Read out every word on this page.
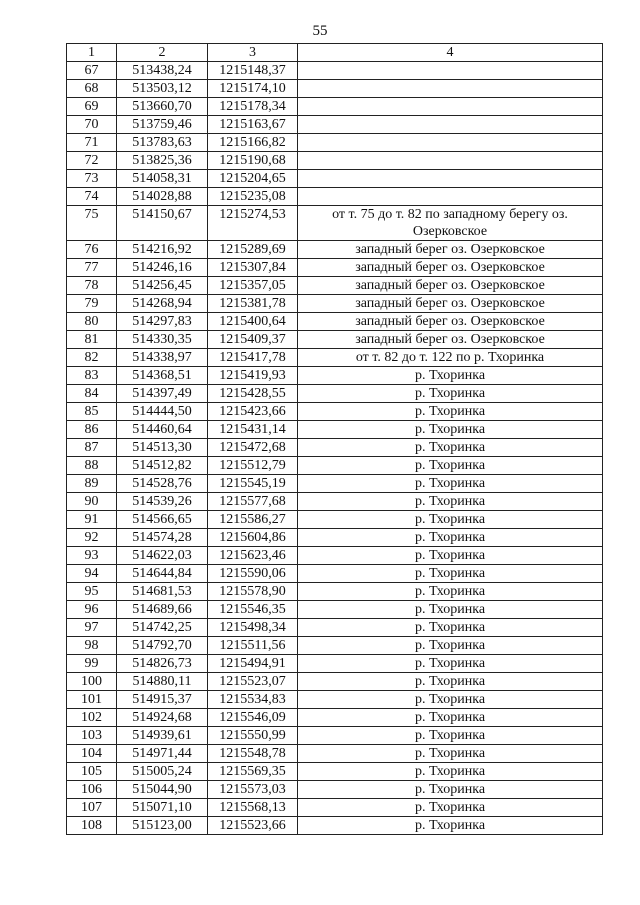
55
1	2	3	4
67	513438,24	1215148,37	
68	513503,12	1215174,10	
69	513660,70	1215178,34	
70	513759,46	1215163,67	
71	513783,63	1215166,82	
72	513825,36	1215190,68	
73	514058,31	1215204,65	
74	514028,88	1215235,08	
75	514150,67	1215274,53	от т. 75 до т. 82 по западному берегу оз. Озерковское
76	514216,92	1215289,69	западный берег оз. Озерковское
77	514246,16	1215307,84	западный берег оз. Озерковское
78	514256,45	1215357,05	западный берег оз. Озерковское
79	514268,94	1215381,78	западный берег оз. Озерковское
80	514297,83	1215400,64	западный берег оз. Озерковское
81	514330,35	1215409,37	западный берег оз. Озерковское
82	514338,97	1215417,78	от т. 82 до т. 122 по р. Тхоринка
83	514368,51	1215419,93	р. Тхоринка
84	514397,49	1215428,55	р. Тхоринка
85	514444,50	1215423,66	р. Тхоринка
86	514460,64	1215431,14	р. Тхоринка
87	514513,30	1215472,68	р. Тхоринка
88	514512,82	1215512,79	р. Тхоринка
89	514528,76	1215545,19	р. Тхоринка
90	514539,26	1215577,68	р. Тхоринка
91	514566,65	1215586,27	р. Тхоринка
92	514574,28	1215604,86	р. Тхоринка
93	514622,03	1215623,46	р. Тхоринка
94	514644,84	1215590,06	р. Тхоринка
95	514681,53	1215578,90	р. Тхоринка
96	514689,66	1215546,35	р. Тхоринка
97	514742,25	1215498,34	р. Тхоринка
98	514792,70	1215511,56	р. Тхоринка
99	514826,73	1215494,91	р. Тхоринка
100	514880,11	1215523,07	р. Тхоринка
101	514915,37	1215534,83	р. Тхоринка
102	514924,68	1215546,09	р. Тхоринка
103	514939,61	1215550,99	р. Тхоринка
104	514971,44	1215548,78	р. Тхоринка
105	515005,24	1215569,35	р. Тхоринка
106	515044,90	1215573,03	р. Тхоринка
107	515071,10	1215568,13	р. Тхоринка
108	515123,00	1215523,66	р. Тхоринка
